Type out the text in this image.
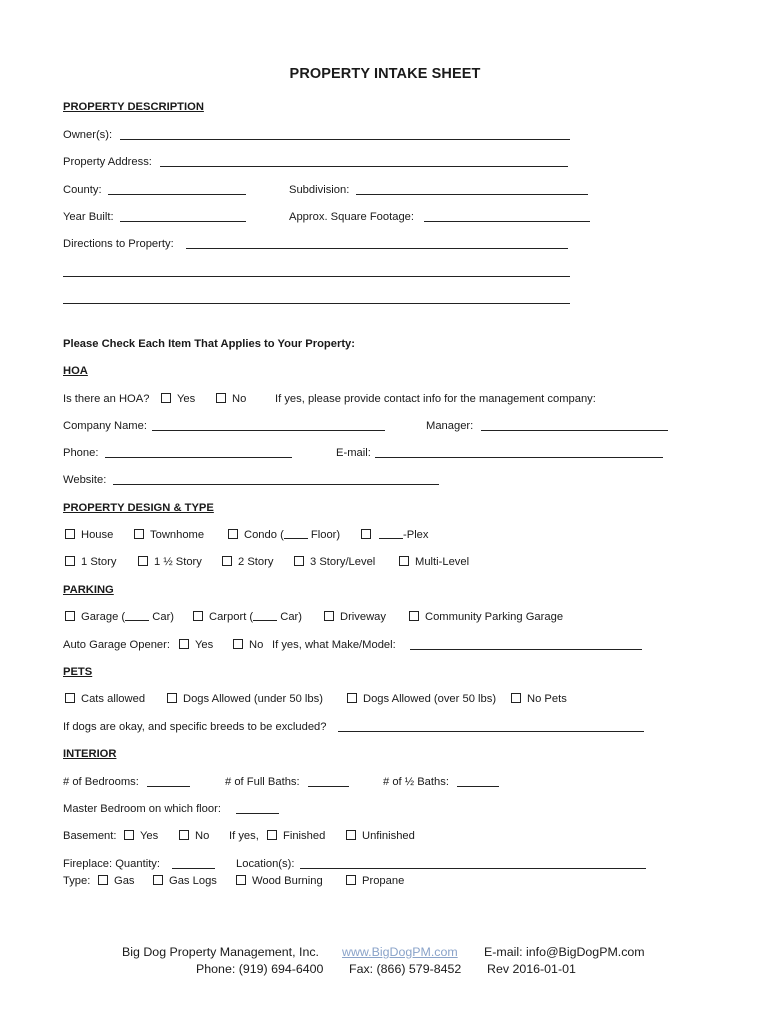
PROPERTY INTAKE SHEET
PROPERTY DESCRIPTION
Owner(s):
Property Address:
County:	Subdivision:
Year Built:	Approx. Square Footage:
Directions to Property:
Please Check Each Item That Applies to Your Property:
HOA
Is there an HOA?	Yes	No	If yes, please provide contact info for the management company:
Company Name:	Manager:
Phone:	E-mail:
Website:
PROPERTY DESIGN & TYPE
House	Townhome	Condo ( Floor)	-Plex
1 Story	1 ½ Story	2 Story	3 Story/Level	Multi-Level
PARKING
Garage ( Car)	Carport ( Car)	Driveway	Community Parking Garage
Auto Garage Opener:	Yes	No If yes, what Make/Model:
PETS
Cats allowed	Dogs Allowed (under 50 lbs)	Dogs Allowed (over 50 lbs)	No Pets
If dogs are okay, and specific breeds to be excluded?
INTERIOR
# of Bedrooms:	# of Full Baths:	# of ½ Baths:
Master Bedroom on which floor:
Basement:	Yes	No If yes,	Finished	Unfinished
Fireplace: Quantity:	Location(s):
Type:	Gas	Gas Logs	Wood Burning	Propane
Big Dog Property Management, Inc. www.BigDogPM.com E-mail: info@BigDogPM.com
Phone: (919) 694-6400 Fax: (866) 579-8452 Rev 2016-01-01
